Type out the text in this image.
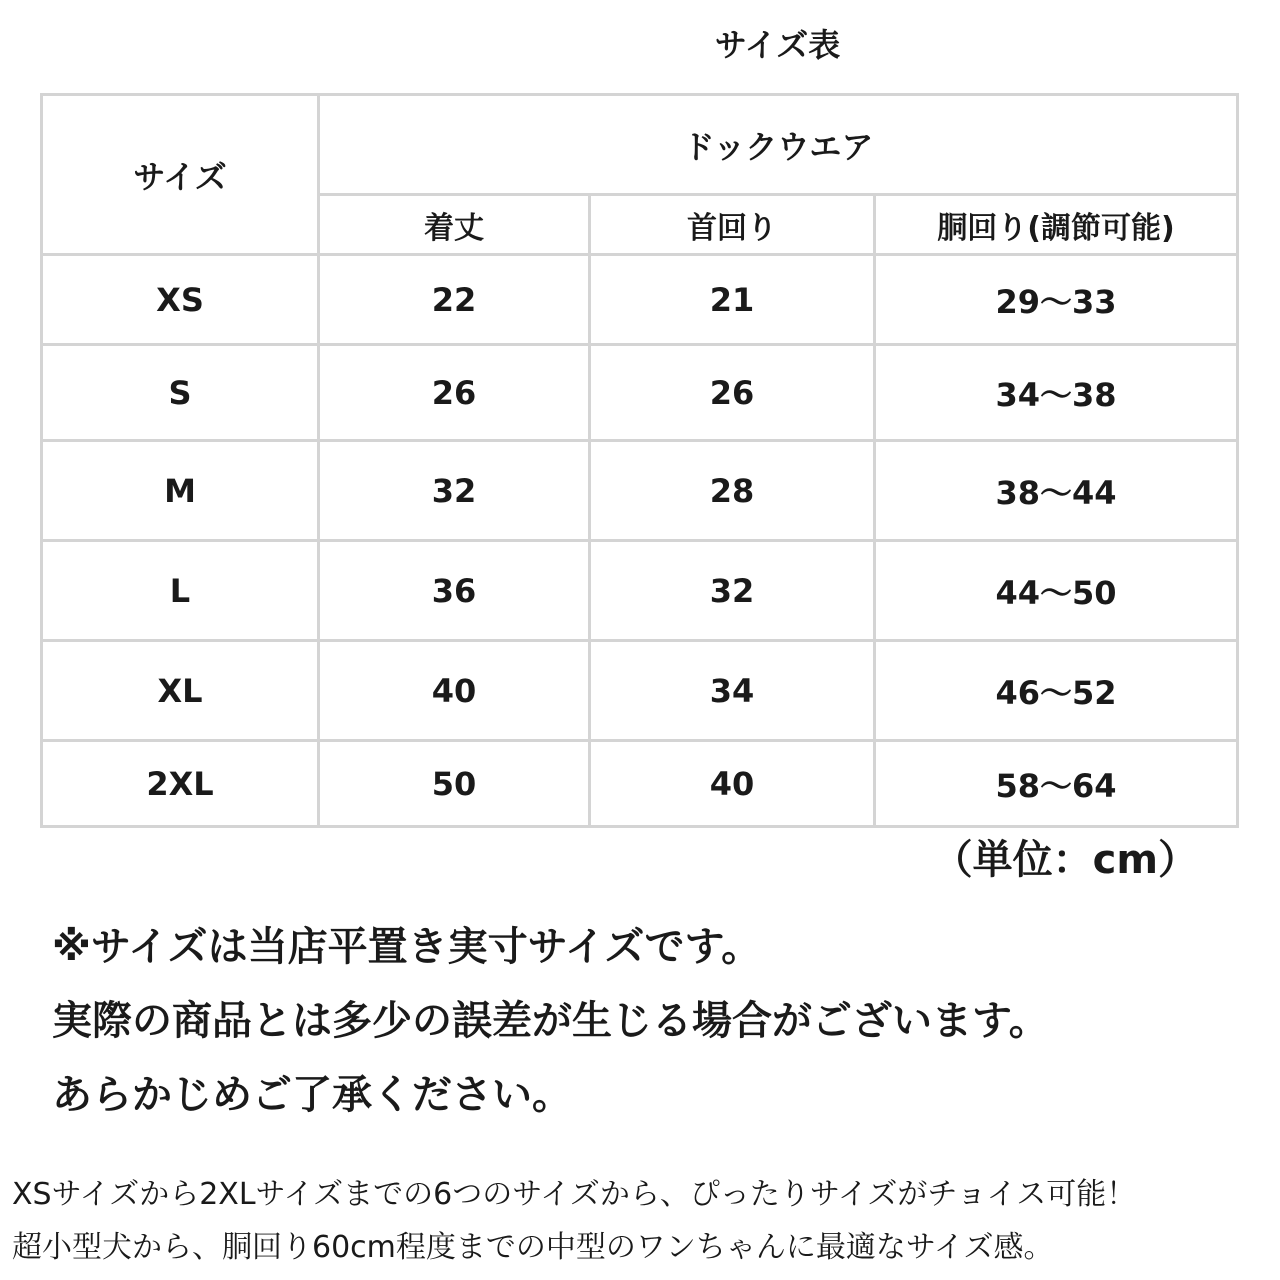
サイズ表
サイズ	ドックウエア		
	着丈	首回り	胴回り(調節可能)
XS	22	21	29～33
S	26	26	34～38
M	32	28	38～44
L	36	32	44～50
XL	40	34	46～52
2XL	50	40	58～64
（単位：cm）
※サイズは当店平置き実寸サイズです。
実際の商品とは多少の誤差が生じる場合がございます。
あらかじめご了承ください。
XSサイズから2XLサイズまでの6つのサイズから、ぴったりサイズがチョイス可能！
超小型犬から、胴回り60cm程度までの中型のワンちゃんに最適なサイズ感。
